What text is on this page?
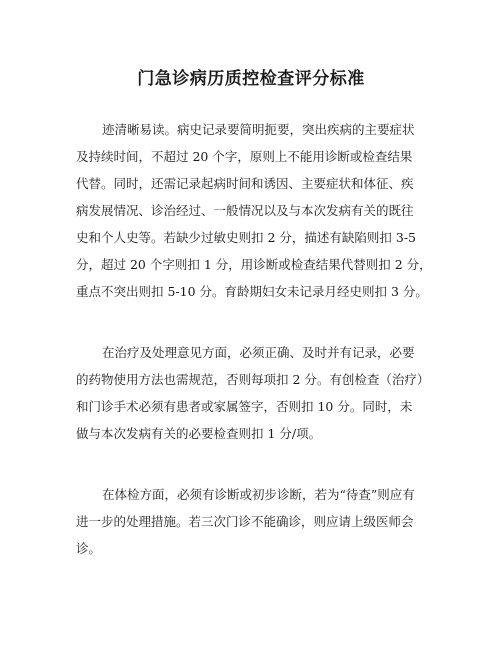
门急诊病历质控检查评分标准
迹清晰易读。病史记录要简明扼要，突出疾病的主要症状
及持续时间，不超过 20 个字，原则上不能用诊断或检查结果
代替。同时，还需记录起病时间和诱因、主要症状和体征、疾
病发展情况、诊治经过、一般情况以及与本次发病有关的既往
史和个人史等。若缺少过敏史则扣 2 分，描述有缺陷则扣 3-5
分，超过 20 个字则扣 1 分，用诊断或检查结果代替则扣 2 分，
重点不突出则扣 5-10 分。育龄期妇女未记录月经史则扣 3 分。
在治疗及处理意见方面，必须正确、及时并有记录，必要
的药物使用方法也需规范，否则每项扣 2 分。有创检查（治疗）
和门诊手术必须有患者或家属签字，否则扣 10 分。同时，未
做与本次发病有关的必要检查则扣 1 分/项。
在体检方面，必须有诊断或初步诊断，若为“待查”则应有
进一步的处理措施。若三次门诊不能确诊，则应请上级医师会
诊。
